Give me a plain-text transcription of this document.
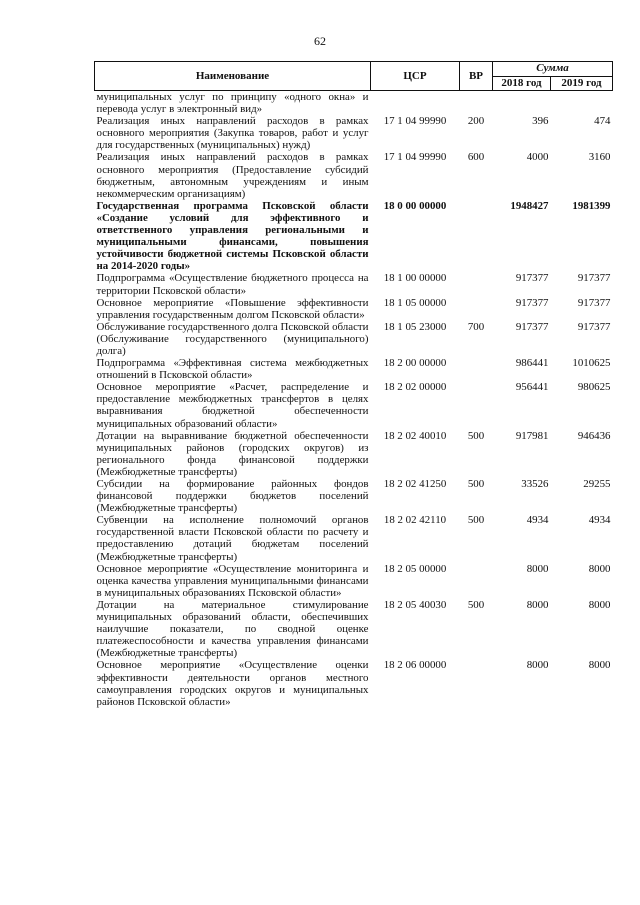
62
Наименование	ЦСР	ВР	Сумма	
			2018 год	2019 год
муниципальных услуг по принципу «одного окна» и перевода услуг в электронный вид»				
Реализация иных направлений расходов в рамках основного мероприятия (Закупка товаров, работ и услуг для государственных (муниципальных) нужд)	17 1 04 99990	200	396	474
Реализация иных направлений расходов в рамках основного мероприятия (Предоставление субсидий бюджетным, автономным учреждениям и иным некоммерческим организациям)	17 1 04 99990	600	4000	3160
Государственная программа Псковской области «Создание условий для эффективного и ответственного управления региональными и муниципальными финансами, повышения устойчивости бюджетной системы Псковской области на 2014-2020 годы»	18 0 00 00000		1948427	1981399
Подпрограмма «Осуществление бюджетного процесса на территории Псковской области»	18 1 00 00000		917377	917377
Основное мероприятие «Повышение эффективности управления государственным долгом Псковской области»	18 1 05 00000		917377	917377
Обслуживание государственного долга Псковской области (Обслуживание государственного (муниципального) долга)	18 1 05 23000	700	917377	917377
Подпрограмма «Эффективная система межбюджетных отношений в Псковской области»	18 2 00 00000		986441	1010625
Основное мероприятие «Расчет, распределение и предоставление межбюджетных трансфертов в целях выравнивания бюджетной обеспеченности муниципальных образований области»	18 2 02 00000		956441	980625
Дотации на выравнивание бюджетной обеспеченности муниципальных районов (городских округов) из регионального фонда финансовой поддержки (Межбюджетные трансферты)	18 2 02 40010	500	917981	946436
Субсидии на формирование районных фондов финансовой поддержки бюджетов поселений (Межбюджетные трансферты)	18 2 02 41250	500	33526	29255
Субвенции на исполнение полномочий органов государственной власти Псковской области по расчету и предоставлению дотаций бюджетам поселений (Межбюджетные трансферты)	18 2 02 42110	500	4934	4934
Основное мероприятие «Осуществление мониторинга и оценка качества управления муниципальными финансами в муниципальных образованиях Псковской области»	18 2 05 00000		8000	8000
Дотации на материальное стимулирование муниципальных образований области, обеспечивших наилучшие показатели, по сводной оценке платежеспособности и качества управления финансами (Межбюджетные трансферты)	18 2 05 40030	500	8000	8000
Основное мероприятие «Осуществление оценки эффективности деятельности органов местного самоуправления городских округов и муниципальных районов Псковской области»	18 2 06 00000		8000	8000
